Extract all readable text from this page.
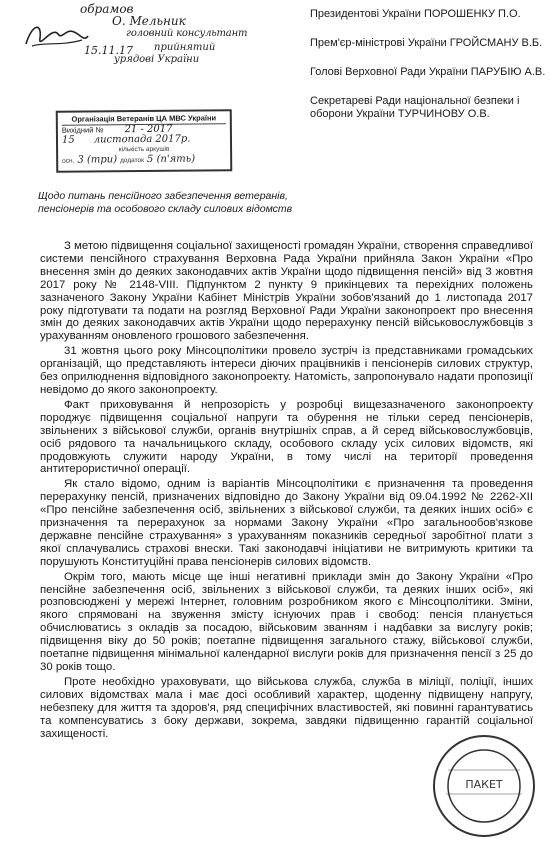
обрамов
О. Мельник
головний консультант
15.11.17 прийнятий
урядові України
Президентові України ПОРОШЕНКУ П.О.
Прем'єр-міністрові України ГРОЙСМАНУ В.Б.
Голові Верховної Ради України ПАРУБІЮ А.В.
Секретареві Ради національної безпеки і оборони України ТУРЧИНОВУ О.В.
Організація Ветеранів ЦА МВС України
Вихідний № 21 - 2017
15 листопада 2017р.
кількість аркушів
осн. 3 (три) додаток 5 (п'ять)
Щодо питань пенсійного забезпечення ветеранів, пенсіонерів та особового складу силових відомств

З метою підвищення соціальної захищеності громадян України, створення справедливої системи пенсійного страхування Верховна Рада України прийняла Закон України «Про внесення змін до деяких законодавчих актів України щодо підвищення пенсій» від 3 жовтня 2017 року № 2148-VIII. Підпунктом 2 пункту 9 прикінцевих та перехідних положень зазначеного Закону України Кабінет Міністрів України зобов'язаний до 1 листопада 2017 року підготувати та подати на розгляд Верховної Ради України законопроект про внесення змін до деяких законодавчих актів України щодо перерахунку пенсій військовослужбовців з урахуванням оновленого грошового забезпечення.

31 жовтня цього року Мінсоцполітики провело зустріч із представниками громадських організацій, що представляють інтереси діючих працівників і пенсіонерів силових структур, без оприлюднення відповідного законопроекту. Натомість, запропонувало надати пропозиції невідомо до якого законопроекту.

Факт приховування й непрозорість у розробці вищезазначеного законопроекту породжує підвищення соціальної напруги та обурення не тільки серед пенсіонерів, звільнених з військової служби, органів внутрішніх справ, а й серед військовослужбовців, осіб рядового та начальницького складу, особового складу усіх силових відомств, які продовжують служити народу України, в тому числі на території проведення антитерористичної операції.

Як стало відомо, одним із варіантів Мінсоцполітики є призначення та проведення перерахунку пенсій, призначених відповідно до Закону України від 09.04.1992 № 2262-XII «Про пенсійне забезпечення осіб, звільнених з військової служби, та деяких інших осіб» є призначення та перерахунок за нормами Закону України «Про загальнообов'язкове державне пенсійне страхування» з урахуванням показників середньої заробітної плати з якої сплачувались страхові внески. Такі законодавчі ініціативи не витримують критики та порушують Конституційні права пенсіонерів силових відомств.

Окрім того, мають місце ще інші негативні приклади змін до Закону України «Про пенсійне забезпечення осіб, звільнених з військової служби, та деяких інших осіб», які розповсюджені у мережі Інтернет, головним розробником якого є Мінсоцполітики. Зміни, якого спрямовані на звуження змісту існуючих прав і свобод: пенсія планується обчислюватись з окладів за посадою, військовим званням і надбавки за вислугу років; підвищення віку до 50 років; поетапне підвищення загального стажу, військової служби, поетапне підвищення мінімальної календарної вислуги років для призначення пенсії з 25 до 30 років тощо.

Проте необхідно ураховувати, що військова служба, служба в міліції, поліції, інших силових відомствах мала і має досі особливий характер, щоденну підвищену напругу, небезпеку для життя та здоров'я, ряд специфічних властивостей, які повинні гарантуватись та компенсуватись з боку держави, зокрема, завдяки підвищенню гарантій соціальної захищеності.

ПАКЕТ
